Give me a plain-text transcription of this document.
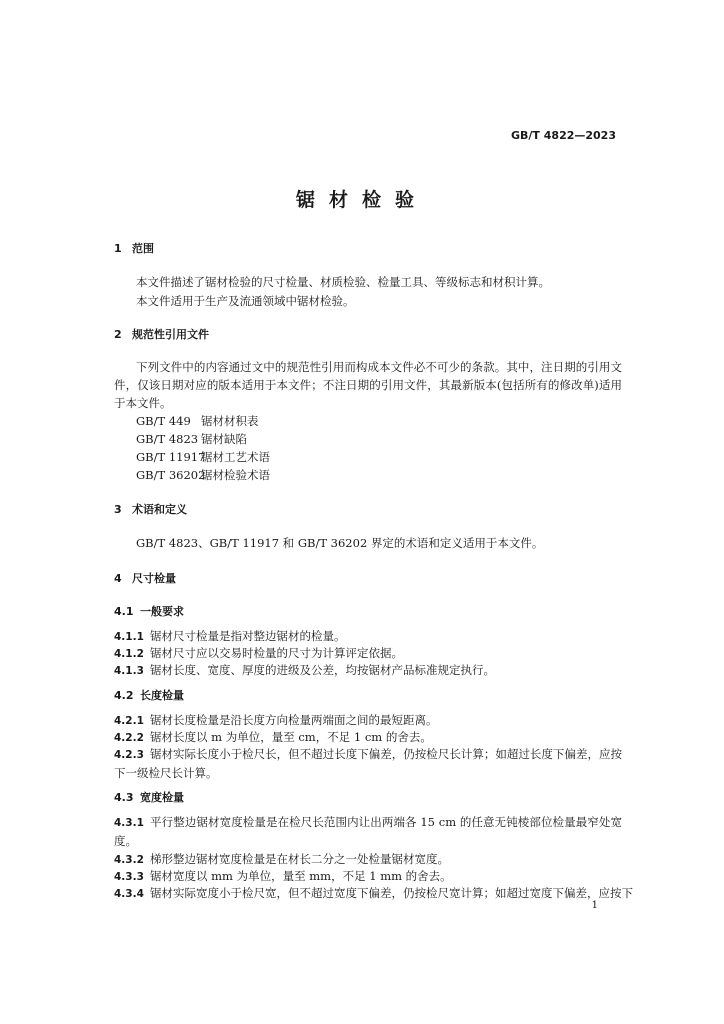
GB/T 4822—2023
锯材检验
1 范围
本文件描述了锯材检验的尺寸检量、材质检验、检量工具、等级标志和材积计算。
本文件适用于生产及流通领域中锯材检验。
2 规范性引用文件
下列文件中的内容通过文中的规范性引用而构成本文件必不可少的条款。其中，注日期的引用文件，仅该日期对应的版本适用于本文件；不注日期的引用文件，其最新版本(包括所有的修改单)适用于本文件。
GB/T 449 锯材材积表
GB/T 4823 锯材缺陷
GB/T 11917锯材工艺术语
GB/T 36202锯材检验术语
3 术语和定义
GB/T 4823、GB/T 11917 和 GB/T 36202 界定的术语和定义适用于本文件。
4 尺寸检量
4.1 一般要求
4.1.1 锯材尺寸检量是指对整边锯材的检量。
4.1.2 锯材尺寸应以交易时检量的尺寸为计算评定依据。
4.1.3 锯材长度、宽度、厚度的进级及公差，均按锯材产品标准规定执行。
4.2 长度检量
4.2.1 锯材长度检量是沿长度方向检量两端面之间的最短距离。
4.2.2 锯材长度以 m 为单位，量至 cm，不足 1 cm 的舍去。
4.2.3 锯材实际长度小于检尺长，但不超过长度下偏差，仍按检尺长计算；如超过长度下偏差，应按下一级检尺长计算。
4.3 宽度检量
4.3.1 平行整边锯材宽度检量是在检尺长范围内让出两端各 15 cm 的任意无钝棱部位检量最窄处宽度。
4.3.2 梯形整边锯材宽度检量是在材长二分之一处检量锯材宽度。
4.3.3 锯材宽度以 mm 为单位，量至 mm，不足 1 mm 的舍去。
4.3.4 锯材实际宽度小于检尺宽，但不超过宽度下偏差，仍按检尺宽计算；如超过宽度下偏差，应按下
1
